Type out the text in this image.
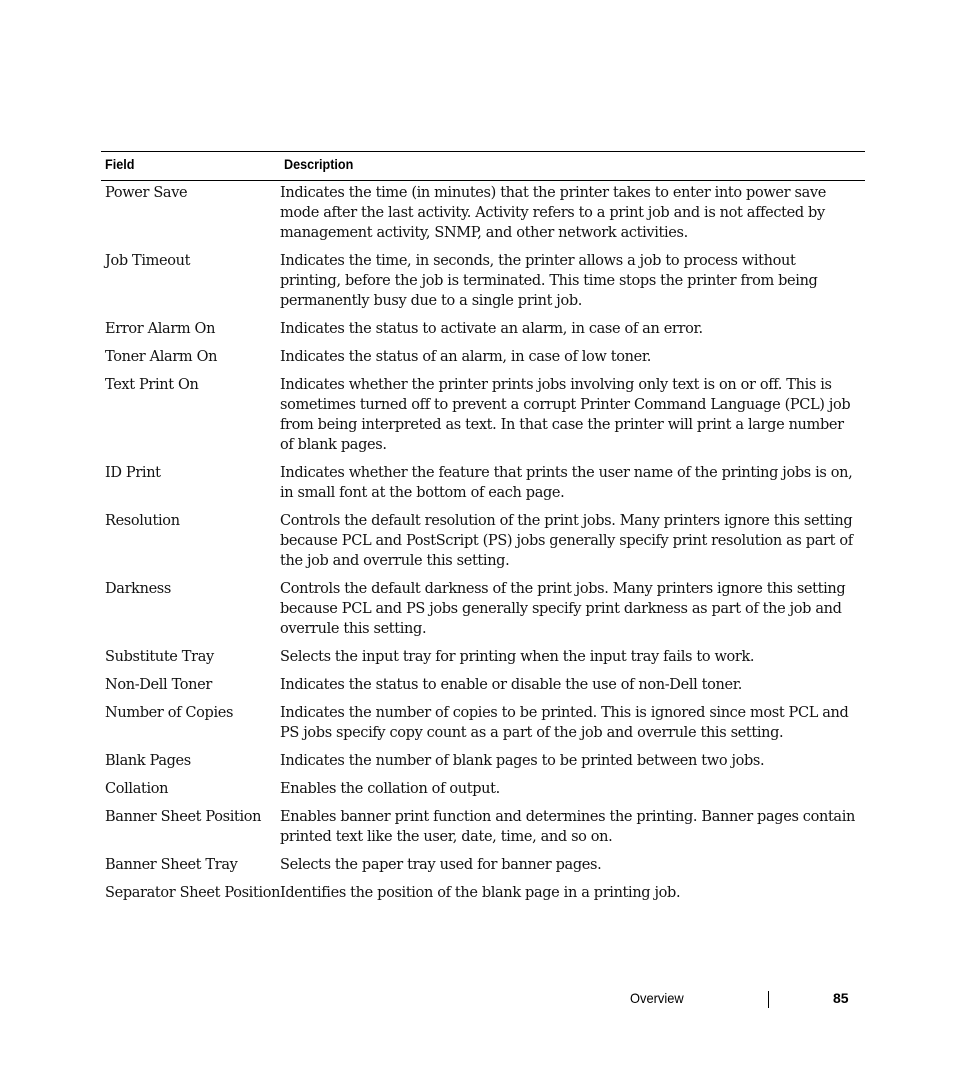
Field	Description
Power Save	Indicates the time (in minutes) that the printer takes to enter into power save mode after the last activity. Activity refers to a print job and is not affected by management activity, SNMP, and other network activities.
Job Timeout	Indicates the time, in seconds, the printer allows a job to process without printing, before the job is terminated. This time stops the printer from being permanently busy due to a single print job.
Error Alarm On	Indicates the status to activate an alarm, in case of an error.
Toner Alarm On	Indicates the status of an alarm, in case of low toner.
Text Print On	Indicates whether the printer prints jobs involving only text is on or off. This is sometimes turned off to prevent a corrupt Printer Command Language (PCL) job from being interpreted as text. In that case the printer will print a large number of blank pages.
ID Print	Indicates whether the feature that prints the user name of the printing jobs is on, in small font at the bottom of each page.
Resolution	Controls the default resolution of the print jobs. Many printers ignore this setting because PCL and PostScript (PS) jobs generally specify print resolution as part of the job and overrule this setting.
Darkness	Controls the default darkness of the print jobs. Many printers ignore this setting because PCL and PS jobs generally specify print darkness as part of the job and overrule this setting.
Substitute Tray	Selects the input tray for printing when the input tray fails to work.
Non-Dell Toner	Indicates the status to enable or disable the use of non-Dell toner.
Number of Copies	Indicates the number of copies to be printed. This is ignored since most PCL and PS jobs specify copy count as a part of the job and overrule this setting.
Blank Pages	Indicates the number of blank pages to be printed between two jobs.
Collation	Enables the collation of output.
Banner Sheet Position	Enables banner print function and determines the printing. Banner pages contain printed text like the user, date, time, and so on.
Banner Sheet Tray	Selects the paper tray used for banner pages.
Separator Sheet Position Identifies the position of the blank page in a printing job.
Overview	85
